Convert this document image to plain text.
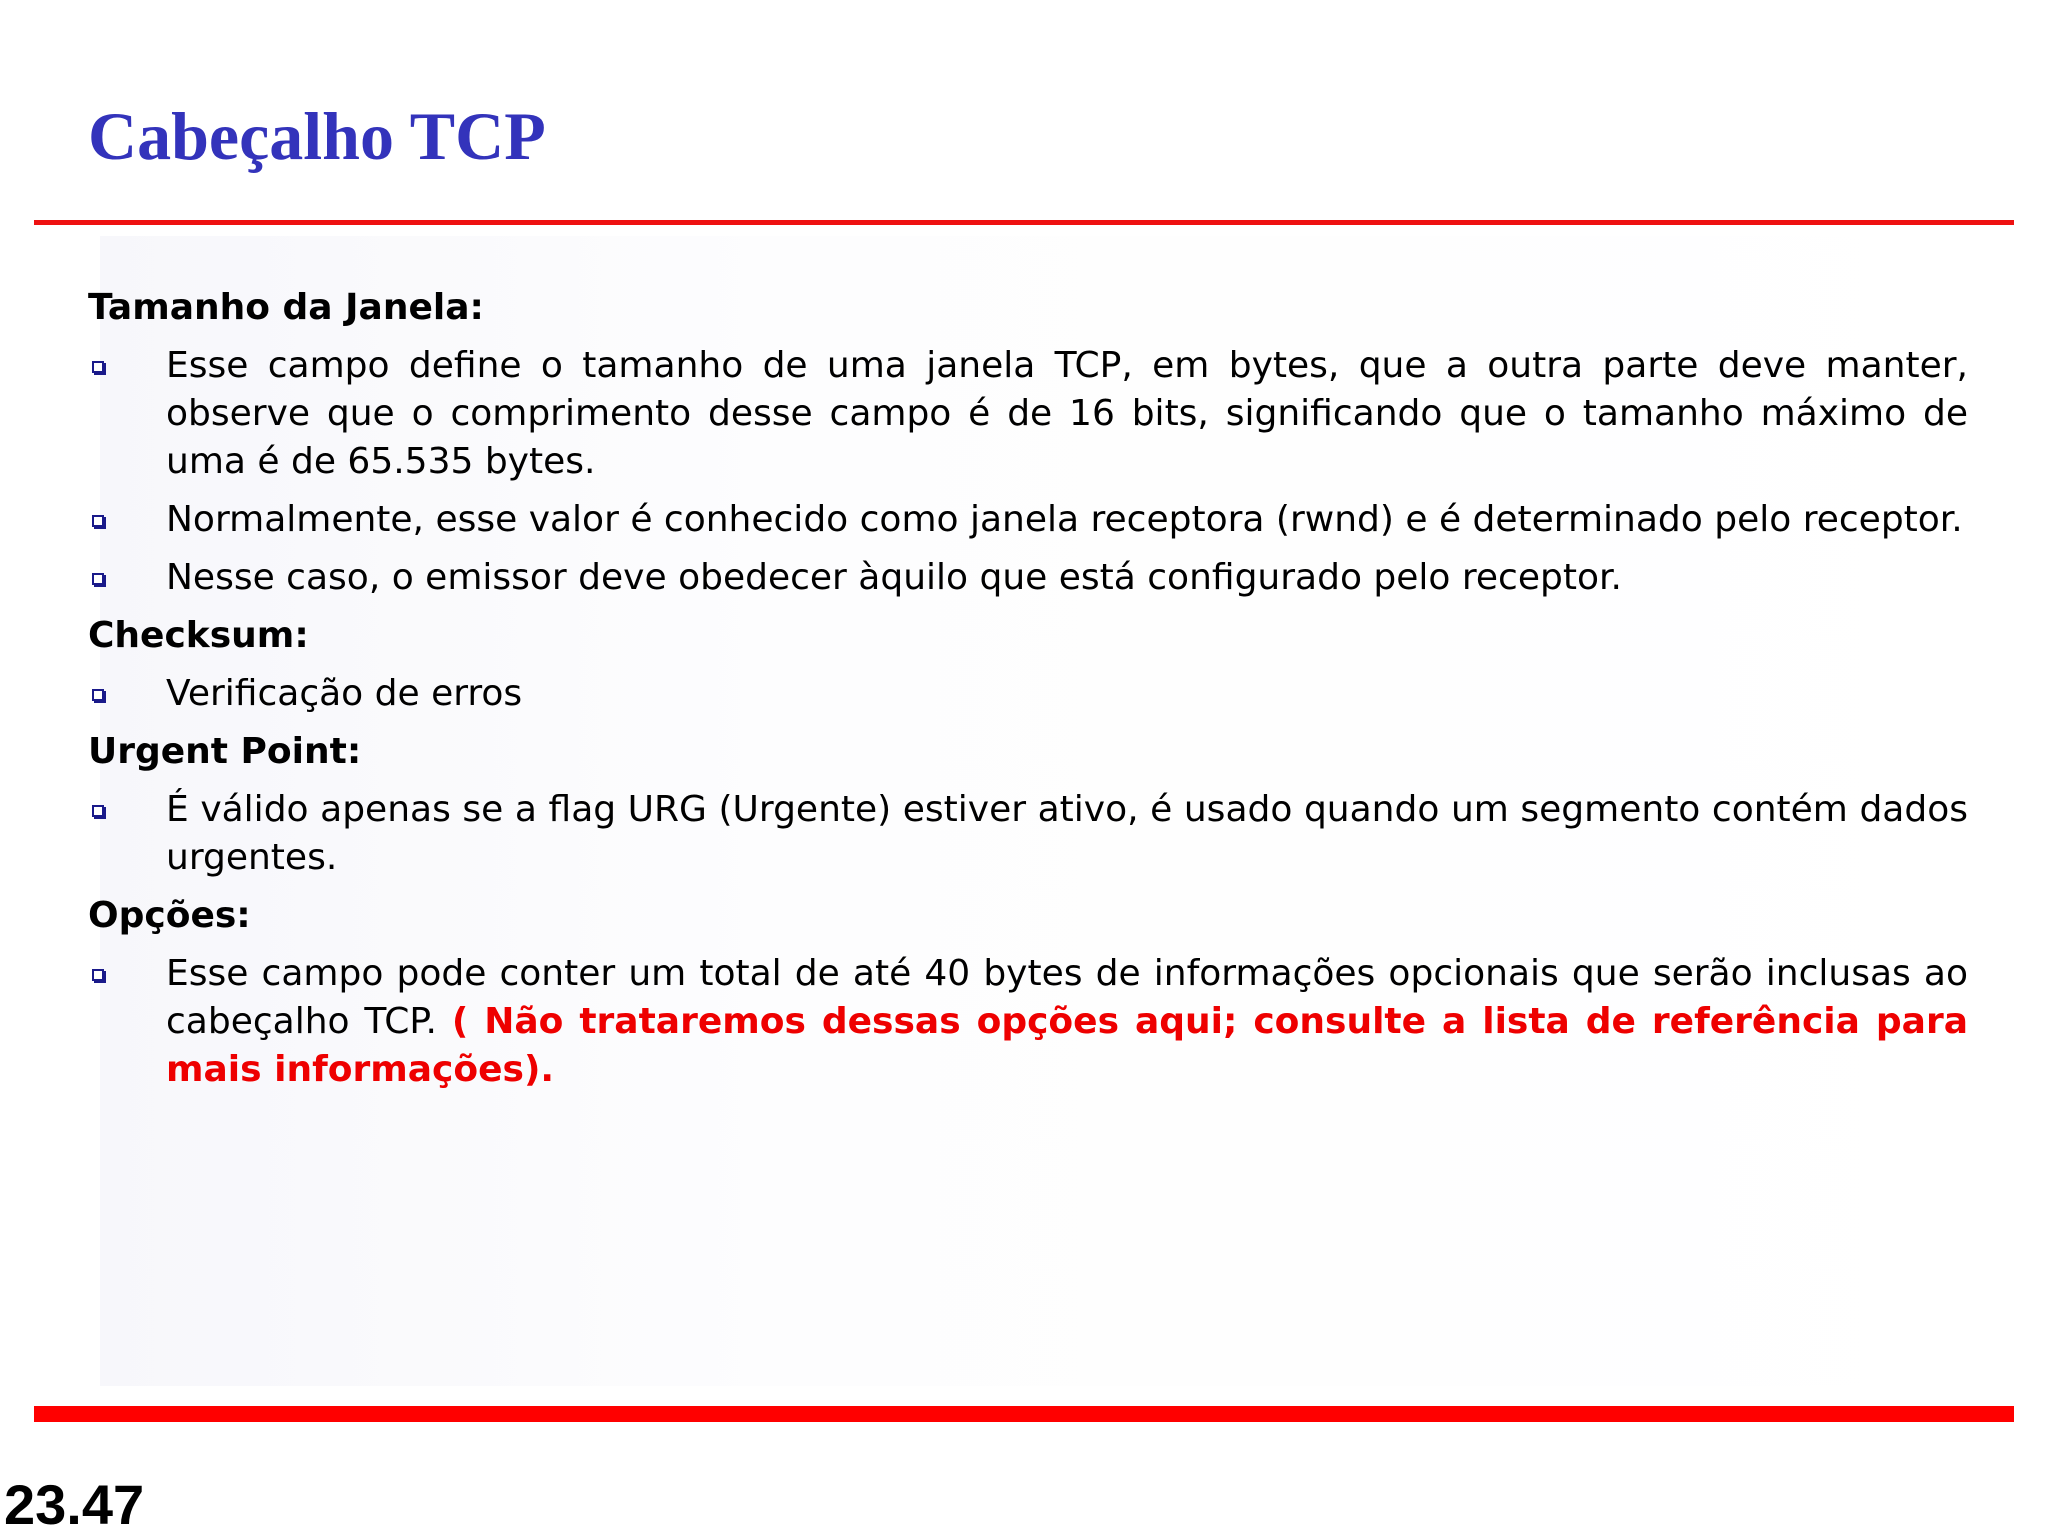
Cabeçalho TCP

Tamanho da Janela:

Esse campo define o tamanho de uma janela TCP, em bytes, que a outra parte deve manter, observe que o comprimento desse campo é de 16 bits, significando que o tamanho máximo de uma é de 65.535 bytes.
Normalmente, esse valor é conhecido como janela receptora (rwnd) e é determinado pelo receptor.
Nesse caso, o emissor deve obedecer àquilo que está configurado pelo receptor.

Checksum:

Verificação de erros

Urgent Point:

É válido apenas se a flag URG (Urgente) estiver ativo, é usado quando um segmento contém dados urgentes.

Opções:

Esse campo pode conter um total de até 40 bytes de informações opcionais que serão inclusas ao cabeçalho TCP. ( Não trataremos dessas opções aqui; consulte a lista de referência para mais informações).
23.47
